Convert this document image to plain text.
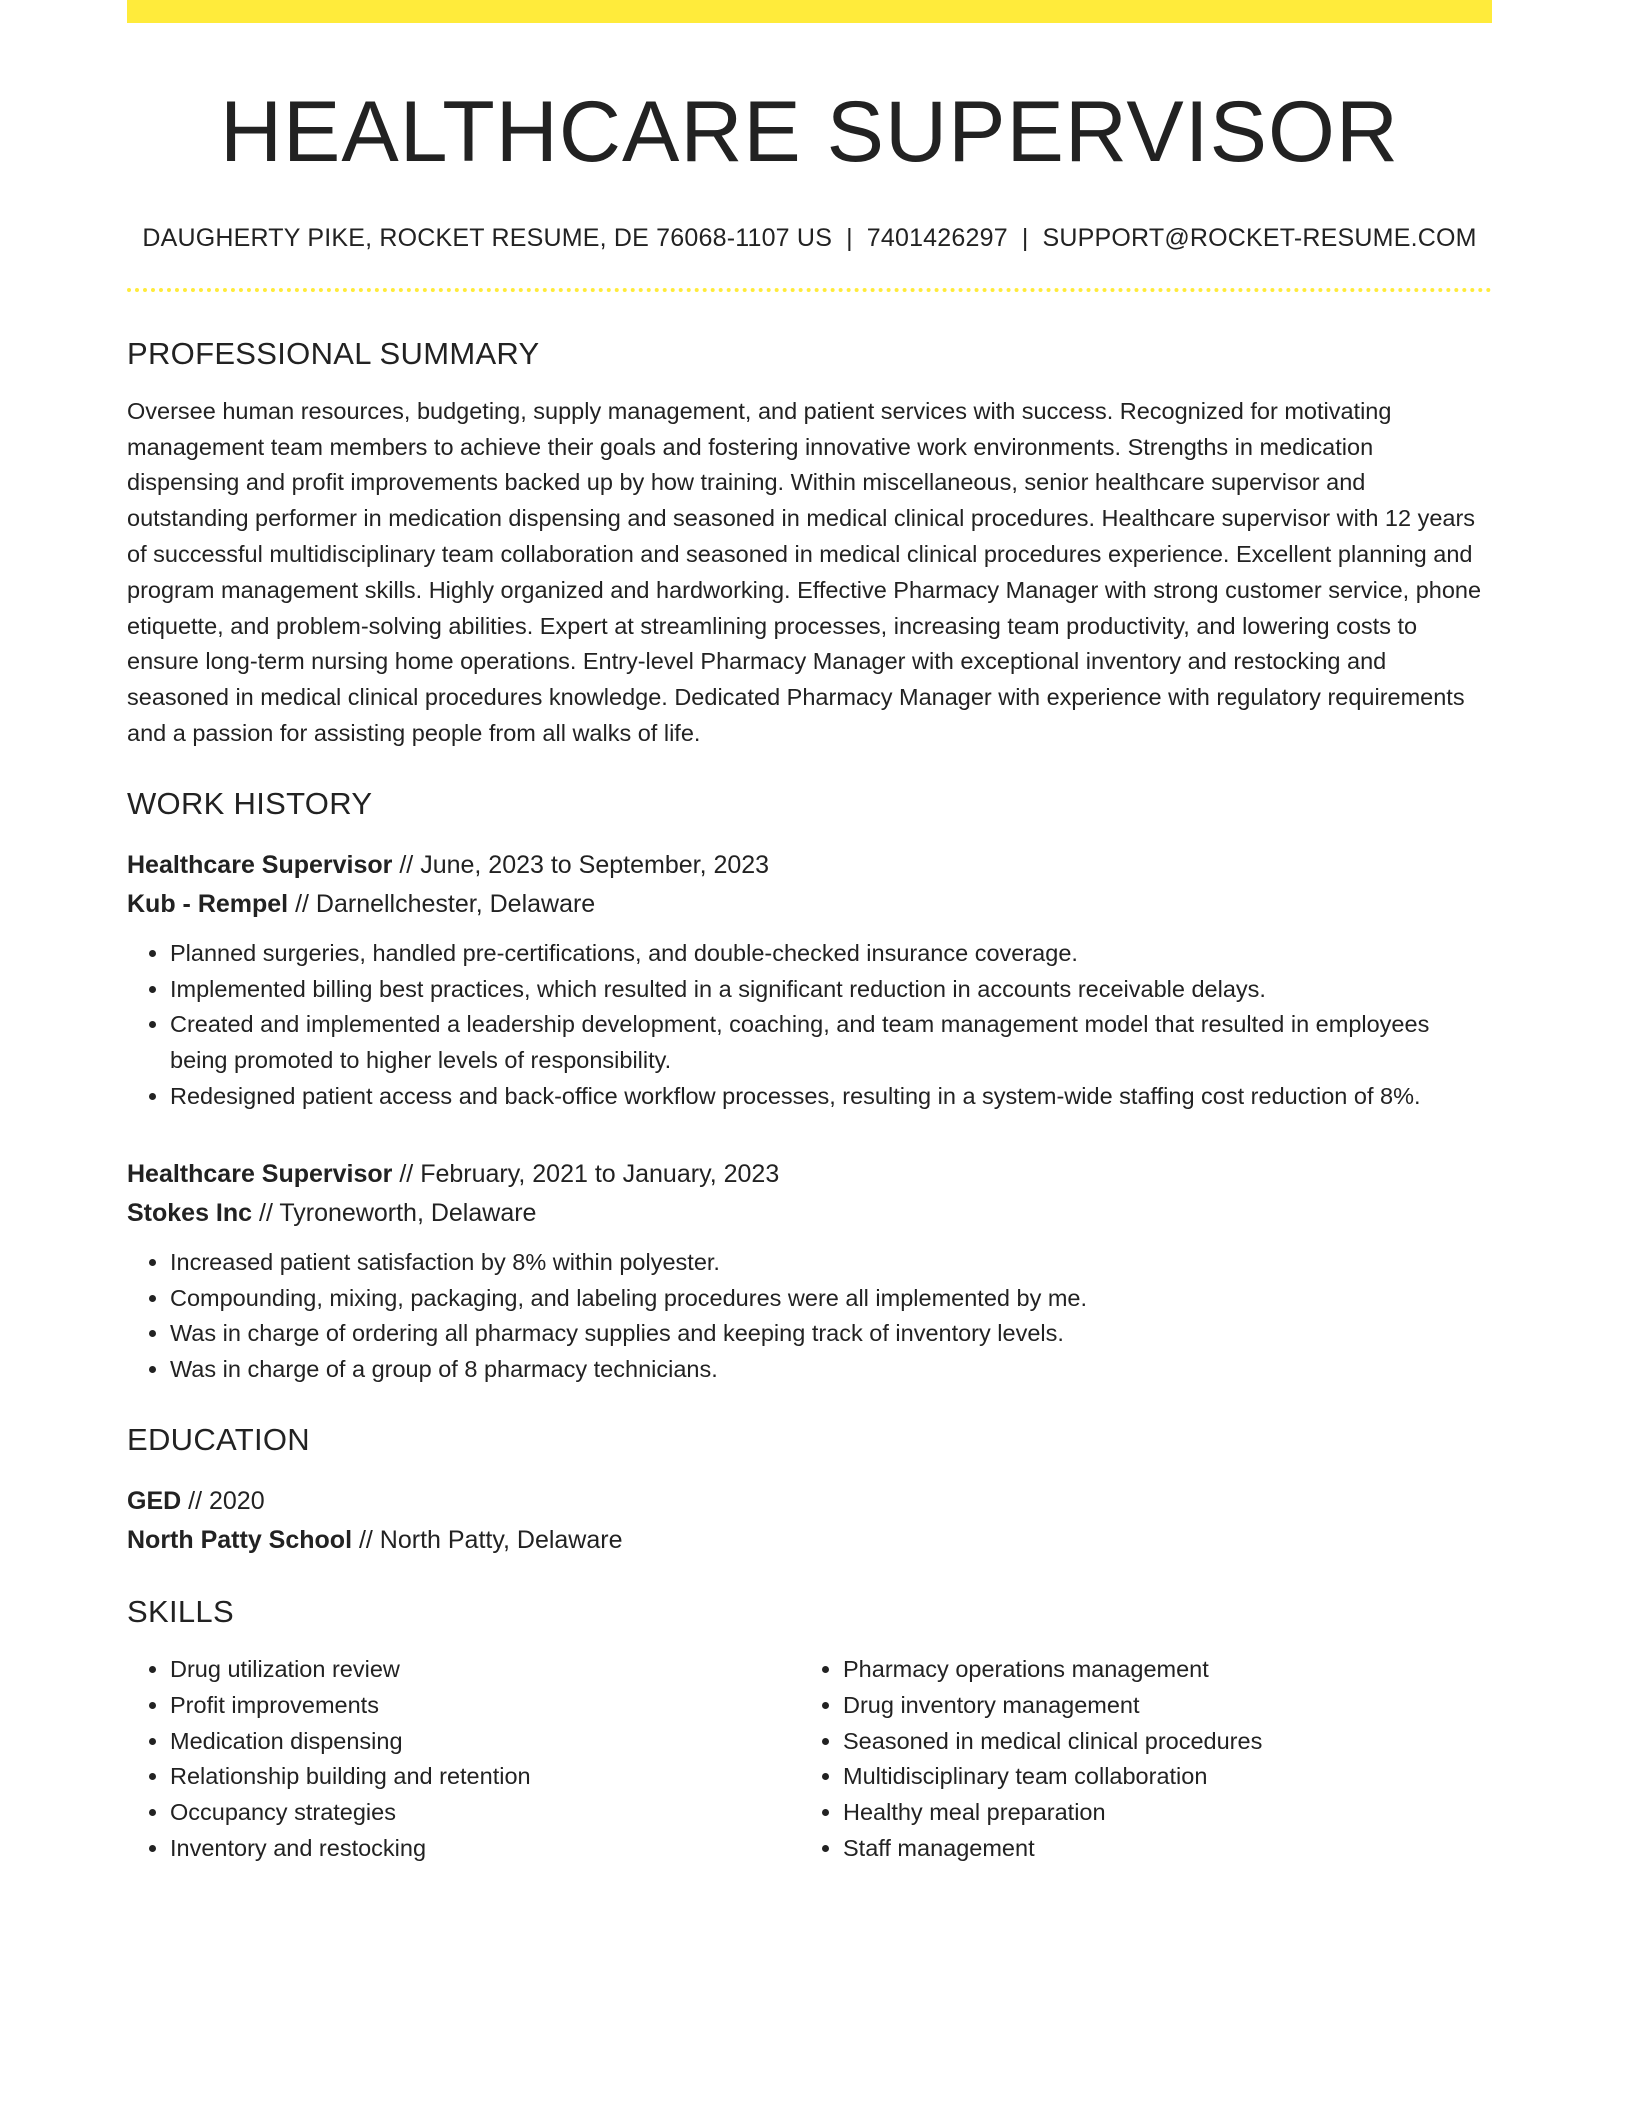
HEALTHCARE SUPERVISOR
DAUGHERTY PIKE, ROCKET RESUME, DE 76068-1107 US | 7401426297 | SUPPORT@ROCKET-RESUME.COM
PROFESSIONAL SUMMARY
Oversee human resources, budgeting, supply management, and patient services with success. Recognized for motivating management team members to achieve their goals and fostering innovative work environments. Strengths in medication dispensing and profit improvements backed up by how training. Within miscellaneous, senior healthcare supervisor and outstanding performer in medication dispensing and seasoned in medical clinical procedures. Healthcare supervisor with 12 years of successful multidisciplinary team collaboration and seasoned in medical clinical procedures experience. Excellent planning and program management skills. Highly organized and hardworking. Effective Pharmacy Manager with strong customer service, phone etiquette, and problem-solving abilities. Expert at streamlining processes, increasing team productivity, and lowering costs to ensure long-term nursing home operations. Entry-level Pharmacy Manager with exceptional inventory and restocking and seasoned in medical clinical procedures knowledge. Dedicated Pharmacy Manager with experience with regulatory requirements and a passion for assisting people from all walks of life.
WORK HISTORY
Healthcare Supervisor // June, 2023 to September, 2023
Kub - Rempel // Darnellchester, Delaware
• Planned surgeries, handled pre-certifications, and double-checked insurance coverage.
• Implemented billing best practices, which resulted in a significant reduction in accounts receivable delays.
• Created and implemented a leadership development, coaching, and team management model that resulted in employees being promoted to higher levels of responsibility.
• Redesigned patient access and back-office workflow processes, resulting in a system-wide staffing cost reduction of 8%.
Healthcare Supervisor // February, 2021 to January, 2023
Stokes Inc // Tyroneworth, Delaware
• Increased patient satisfaction by 8% within polyester.
• Compounding, mixing, packaging, and labeling procedures were all implemented by me.
• Was in charge of ordering all pharmacy supplies and keeping track of inventory levels.
• Was in charge of a group of 8 pharmacy technicians.
EDUCATION
GED // 2020
North Patty School // North Patty, Delaware
SKILLS
• Drug utilization review
• Profit improvements
• Medication dispensing
• Relationship building and retention
• Occupancy strategies
• Inventory and restocking
• Pharmacy operations management
• Drug inventory management
• Seasoned in medical clinical procedures
• Multidisciplinary team collaboration
• Healthy meal preparation
• Staff management
